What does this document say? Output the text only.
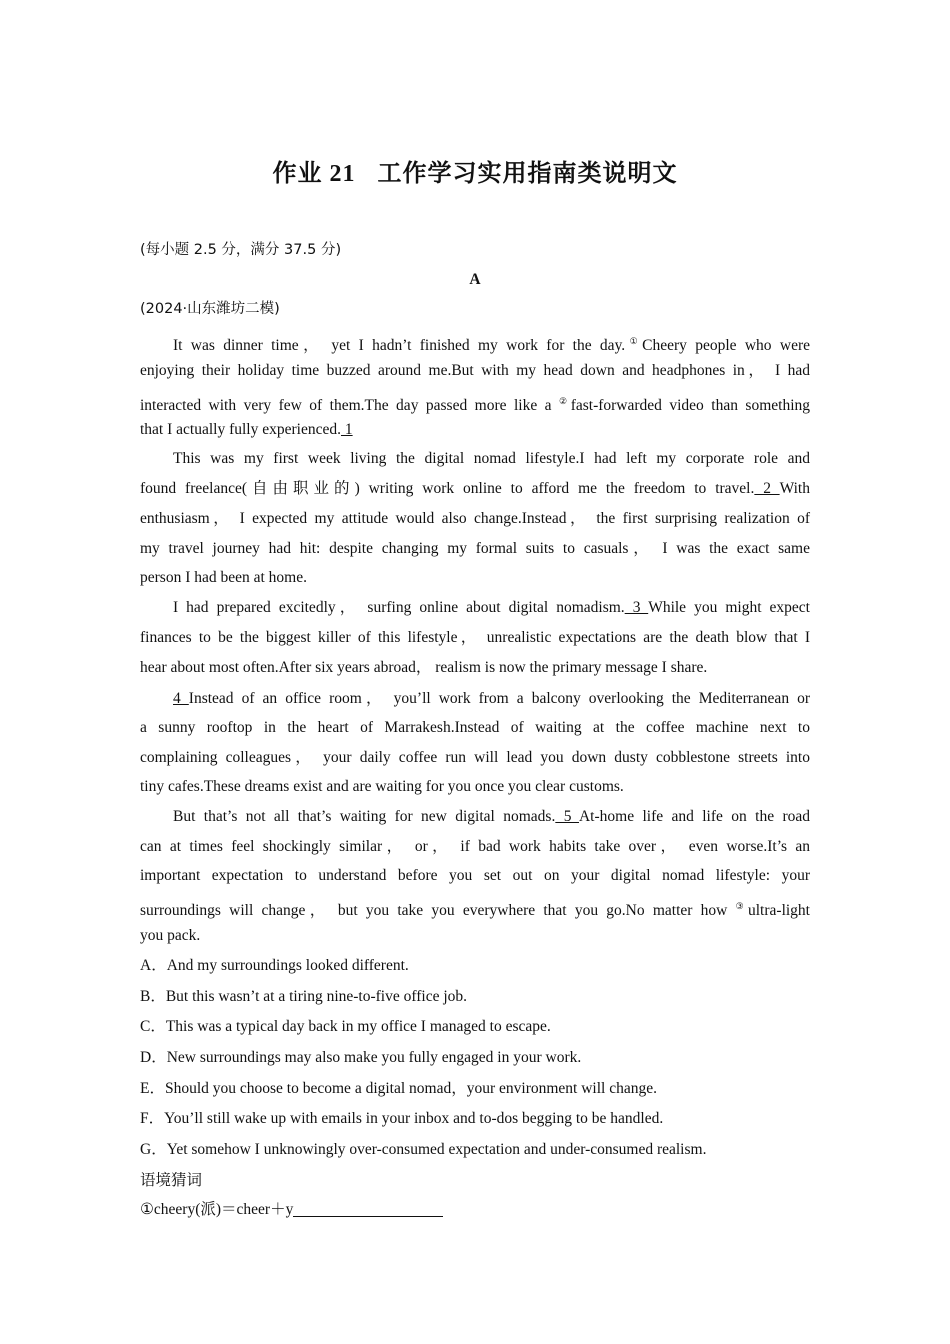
作业 21 工作学习实用指南类说明文
(每小题 2.5 分，满分 37.5 分)
A
(2024·山东潍坊二模)
It was dinner time， yet I hadn’t finished my work for the day.①Cheery people who were
enjoying their holiday time buzzed around me.But with my head down and headphones in， I had
interacted with very few of them.The day passed more like a ②fast-forwarded video than something
that I actually fully experienced. 1
This was my first week living the digital nomad lifestyle.I had left my corporate role and
found freelance(自由职业的) writing work online to afford me the freedom to travel. 2 With
enthusiasm， I expected my attitude would also change.Instead， the first surprising realization of
my travel journey had hit: despite changing my formal suits to casuals， I was the exact same
person I had been at home.
I had prepared excitedly， surfing online about digital nomadism. 3 While you might expect
finances to be the biggest killer of this lifestyle， unrealistic expectations are the death blow that I
hear about most often.After six years abroad， realism is now the primary message I share.
4 Instead of an office room， you’ll work from a balcony overlooking the Mediterranean or
a sunny rooftop in the heart of Marrakesh.Instead of waiting at the coffee machine next to
complaining colleagues， your daily coffee run will lead you down dusty cobblestone streets into
tiny cafes.These dreams exist and are waiting for you once you clear customs.
But that’s not all that’s waiting for new digital nomads. 5 At-home life and life on the road
can at times feel shockingly similar， or， if bad work habits take over， even worse.It’s an
important expectation to understand before you set out on your digital nomad lifestyle: your
surroundings will change， but you take you everywhere that you go.No matter how ③ultra-light
you pack.
A．And my surroundings looked different.
B．But this wasn’t at a tiring nine-to-five office job.
C．This was a typical day back in my office I managed to escape.
D．New surroundings may also make you fully engaged in your work.
E．Should you choose to become a digital nomad，your environment will change.
F．You’ll still wake up with emails in your inbox and to-dos begging to be handled.
G．Yet somehow I unknowingly over-consumed expectation and under-consumed realism.
语境猜词
①cheery(派)＝cheer＋y
